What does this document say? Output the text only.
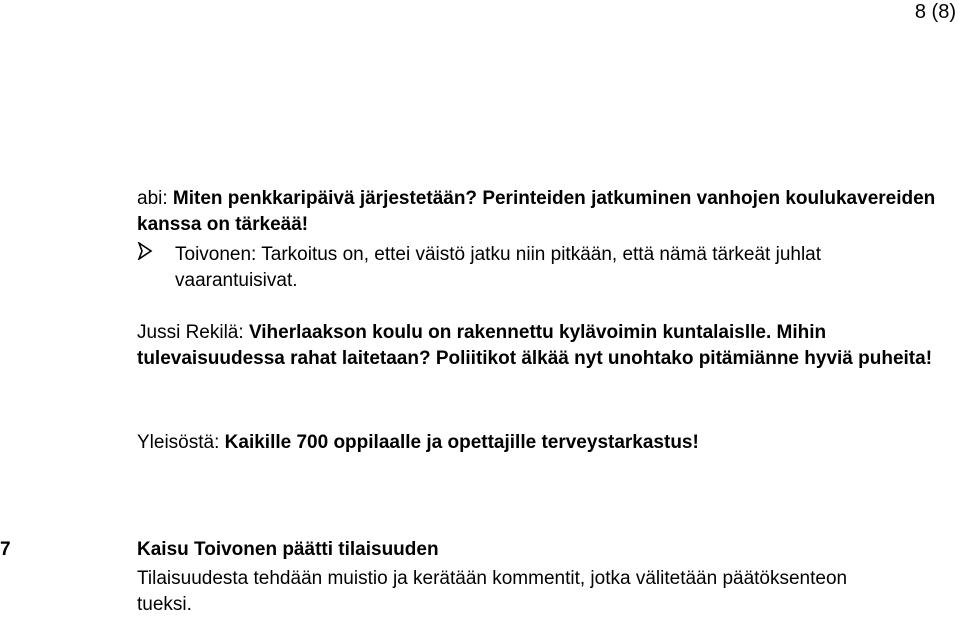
8 (8)

abi: Miten penkkaripäivä järjestetään? Perinteiden jatkuminen vanhojen koulukavereiden kanssa on tärkeää!

Toivonen: Tarkoitus on, ettei väistö jatku niin pitkään, että nämä tärkeät juhlat vaarantuisivat.

Jussi Rekilä: Viherlaakson koulu on rakennettu kylävoimin kuntalaislle. Mihin tulevaisuudessa rahat laitetaan? Poliitikot älkää nyt unohtako pitämiänne hyviä puheita!

Yleisöstä: Kaikille 700 oppilaalle ja opettajille terveystarkastus!

7	Kaisu Toivonen päätti tilaisuuden

Tilaisuudesta tehdään muistio ja kerätään kommentit, jotka välitetään päätöksenteon tueksi.
